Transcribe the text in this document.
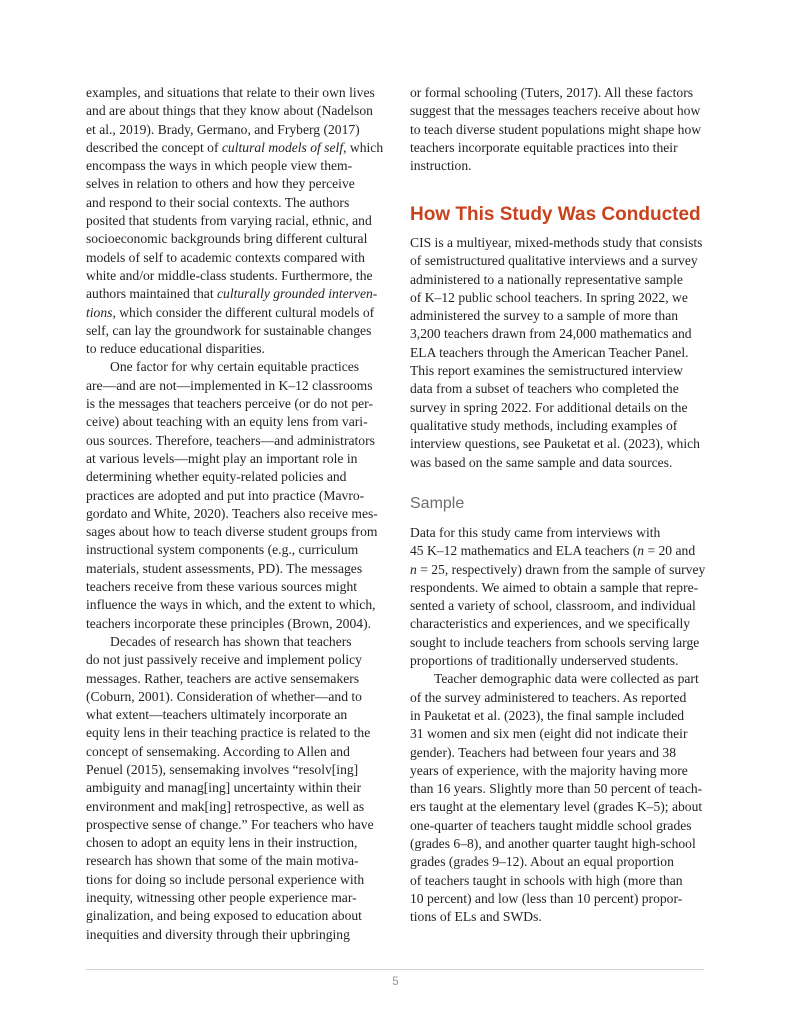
examples, and situations that relate to their own lives
and are about things that they know about (Nadelson
et al., 2019). Brady, Germano, and Fryberg (2017)
described the concept of cultural models of self, which
encompass the ways in which people view them-
selves in relation to others and how they perceive
and respond to their social contexts. The authors
posited that students from varying racial, ethnic, and
socioeconomic backgrounds bring different cultural
models of self to academic contexts compared with
white and/or middle-class students. Furthermore, the
authors maintained that culturally grounded interven-
tions, which consider the different cultural models of
self, can lay the groundwork for sustainable changes
to reduce educational disparities.

One factor for why certain equitable practices
are—and are not—implemented in K–12 classrooms
is the messages that teachers perceive (or do not per-
ceive) about teaching with an equity lens from vari-
ous sources. Therefore, teachers—and administrators
at various levels—might play an important role in
determining whether equity-related policies and
practices are adopted and put into practice (Mavro-
gordato and White, 2020). Teachers also receive mes-
sages about how to teach diverse student groups from
instructional system components (e.g., curriculum
materials, student assessments, PD). The messages
teachers receive from these various sources might
influence the ways in which, and the extent to which,
teachers incorporate these principles (Brown, 2004).

Decades of research has shown that teachers
do not just passively receive and implement policy
messages. Rather, teachers are active sensemakers
(Coburn, 2001). Consideration of whether—and to
what extent—teachers ultimately incorporate an
equity lens in their teaching practice is related to the
concept of sensemaking. According to Allen and
Penuel (2015), sensemaking involves “resolv[ing]
ambiguity and manag[ing] uncertainty within their
environment and mak[ing] retrospective, as well as
prospective sense of change.” For teachers who have
chosen to adopt an equity lens in their instruction,
research has shown that some of the main motiva-
tions for doing so include personal experience with
inequity, witnessing other people experience mar-
ginalization, and being exposed to education about
inequities and diversity through their upbringing

or formal schooling (Tuters, 2017). All these factors
suggest that the messages teachers receive about how
to teach diverse student populations might shape how
teachers incorporate equitable practices into their
instruction.

How This Study Was Conducted

CIS is a multiyear, mixed-methods study that consists
of semistructured qualitative interviews and a survey
administered to a nationally representative sample
of K–12 public school teachers. In spring 2022, we
administered the survey to a sample of more than
3,200 teachers drawn from 24,000 mathematics and
ELA teachers through the American Teacher Panel.
This report examines the semistructured interview
data from a subset of teachers who completed the
survey in spring 2022. For additional details on the
qualitative study methods, including examples of
interview questions, see Pauketat et al. (2023), which
was based on the same sample and data sources.

Sample

Data for this study came from interviews with
45 K–12 mathematics and ELA teachers (n = 20 and
n = 25, respectively) drawn from the sample of survey
respondents. We aimed to obtain a sample that repre-
sented a variety of school, classroom, and individual
characteristics and experiences, and we specifically
sought to include teachers from schools serving large
proportions of traditionally underserved students.

Teacher demographic data were collected as part
of the survey administered to teachers. As reported
in Pauketat et al. (2023), the final sample included
31 women and six men (eight did not indicate their
gender). Teachers had between four years and 38
years of experience, with the majority having more
than 16 years. Slightly more than 50 percent of teach-
ers taught at the elementary level (grades K–5); about
one-quarter of teachers taught middle school grades
(grades 6–8), and another quarter taught high-school
grades (grades 9–12). About an equal proportion
of teachers taught in schools with high (more than
10 percent) and low (less than 10 percent) propor-
tions of ELs and SWDs.

5
